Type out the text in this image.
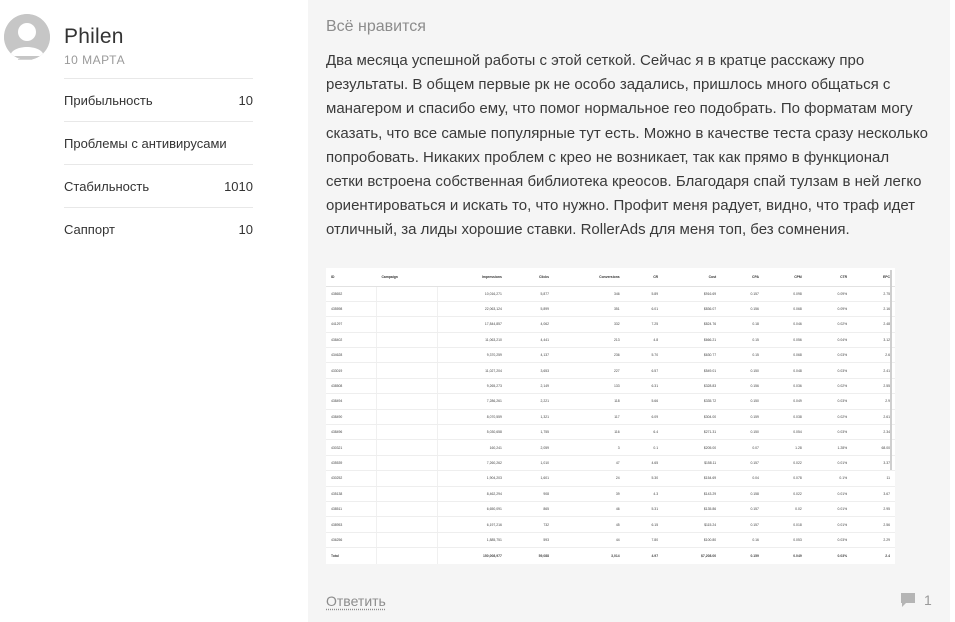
Philen
10 МАРТА
Прибыльность	10
Проблемы с антивирусами
Стабильность	1010
Саппорт	10
Всё нравится
Два месяца успешной работы с этой сеткой. Сейчас я в кратце расскажу про результаты. В общем первые рк не особо задались, пришлось много общаться с манагером и спасибо ему, что помог нормальное гео подобрать. По форматам могу сказать, что все самые популярные тут есть. Можно в качестве теста сразу несколько попробовать. Никаких проблем с крео не возникает, так как прямо в функционал сетки встроена собственная библиотека креосов. Благодаря спай тулзам в ней легко ориентироваться и искать то, что нужно. Профит меня радует, видно, что траф идет отличный, за лиды хорошие ставки. RollerAds для меня топ, без сомнения.
ID	Campaign	Impressions	Clicks	Conversions	CR	Cost	CPA	CPM	CTR	EPC
438652		10,016,271	5,877	346	5.89	$916.69	0.157	0.098	0.09%	2.75
435598		22,063,124	5,899	351	6.01	$836.07	0.156	0.068	0.09%	2.16
441297		17,844,857	4,062	332	7.25	$824.76	0.18	0.046	0.02%	2.48
438402		11,063,210	4,441	213	4.8	$666.21	0.15	0.056	0.04%	3.12
434628		9,370,259	4,137	236	5.70	$630.77	0.15	0.068	0.03%	2.6
433019		11,027,204	3,653	227	6.57	$549.01	0.150	0.048	0.03%	2.41
438508		9,265,273	2,149	133	6.31	$328.83	0.156	0.036	0.02%	2.55
438494		7,286,261	2,221	118	5.66	$335.72	0.150	0.049	0.03%	2.9
438490		8,070,559	1,321	117	6.09	$304.00	0.159	0.038	0.02%	2.61
438496		5,030,658	1,755	116	6.4	$271.31	0.150	0.054	0.03%	2.34
430321		160,241	2,059	3	0.1	$205.00	0.07	1.28	1.28%	68.00
435539		7,260,262	1,010	47	4.65	$158.11	0.157	0.022	0.01%	3.37
430252		1,904,203	1,601	24	5.30	$154.69	0.04	0.078	0.1%	11
435138		8,462,294	908	39	4.3	$143.29	0.158	0.022	0.01%	3.67
438511		6,650,091	865	46	5.31	$135.86	0.157	0.02	0.01%	2.95
438953		6,197,216	732	45	6.15	$115.24	0.157	0.018	0.01%	2.56
436256		1,885,751	593	44	7.80	$100.80	0.16	0.053	0.03%	2.29
Total		150,008,977	59,088	3,014	4.97	$7,208.00	0.159	0.049	0.03%	2.4
Ответить	1
